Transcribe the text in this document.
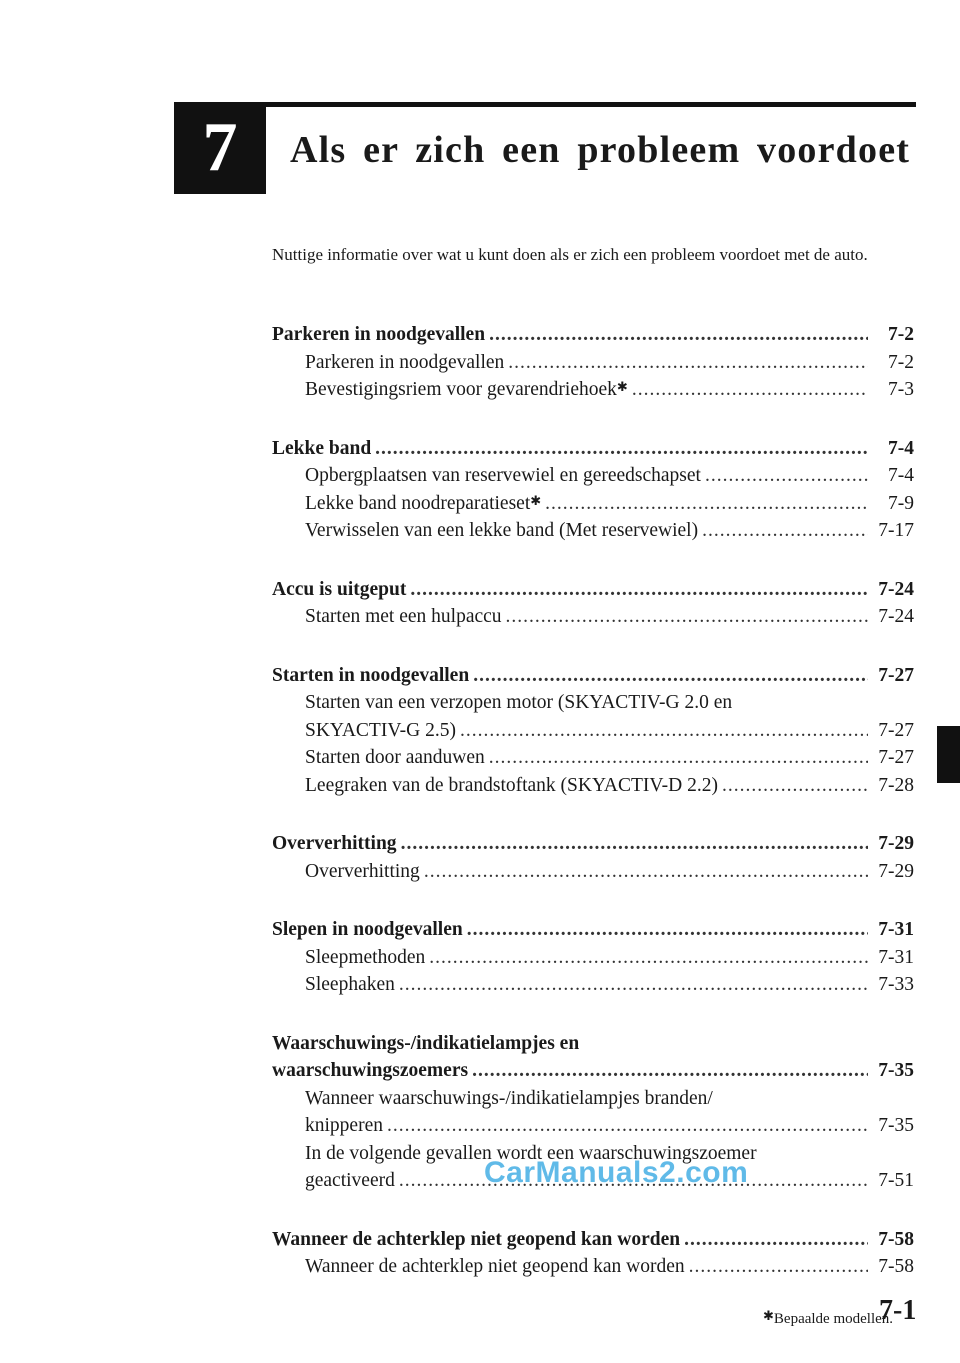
7	Als er zich een probleem voordoet
Nuttige informatie over wat u kunt doen als er zich een probleem voordoet met de auto.
Parkeren in noodgevallen .....	7-2
Parkeren in noodgevallen .....	7-2
Bevestigingsriem voor gevarendriehoek✱ .....	7-3
Lekke band .....	7-4
Opbergplaatsen van reservewiel en gereedschapset .....	7-4
Lekke band noodreparatieset✱ .....	7-9
Verwisselen van een lekke band (Met reservewiel) .....	7-17
Accu is uitgeput .....	7-24
Starten met een hulpaccu .....	7-24
Starten in noodgevallen .....	7-27
Starten van een verzopen motor (SKYACTIV-G 2.0 en
SKYACTIV-G 2.5) .....	7-27
Starten door aanduwen .....	7-27
Leegraken van de brandstoftank (SKYACTIV-D 2.2) .....	7-28
Oververhitting .....	7-29
Oververhitting .....	7-29
Slepen in noodgevallen .....	7-31
Sleepmethoden .....	7-31
Sleephaken .....	7-33
Waarschuwings-/indikatielampjes en
waarschuwingszoemers .....	7-35
Wanneer waarschuwings-/indikatielampjes branden/
knipperen .....	7-35
In de volgende gevallen wordt een waarschuwingszoemer
geactiveerd .....	7-51
Wanneer de achterklep niet geopend kan worden .....	7-58
Wanneer de achterklep niet geopend kan worden .....	7-58
✱Bepaalde modellen.
7-1
CarManuals2.com
